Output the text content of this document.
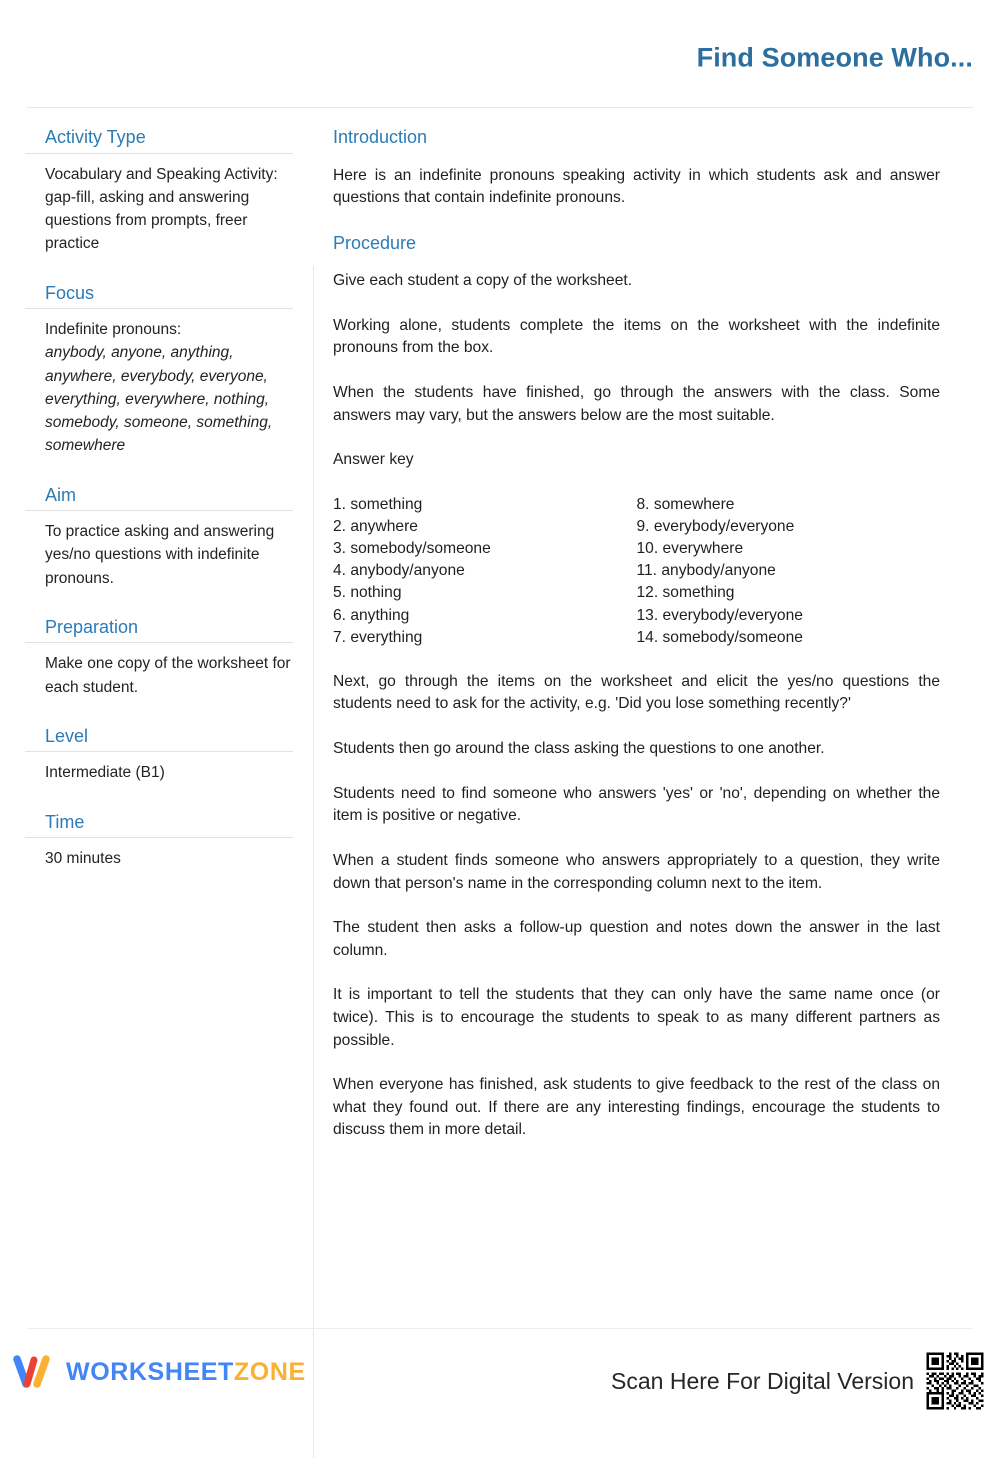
Find Someone Who...
Activity Type
Vocabulary and Speaking Activity: gap-fill, asking and answering questions from prompts, freer practice
Focus
Indefinite pronouns:
anybody, anyone, anything, anywhere, everybody, everyone, everything, everywhere, nothing, somebody, someone, something, somewhere
Aim
To practice asking and answering yes/no questions with indefinite pronouns.
Preparation
Make one copy of the worksheet for each student.
Level
Intermediate (B1)
Time
30 minutes
Introduction

Here is an indefinite pronouns speaking activity in which students ask and answer questions that contain indefinite pronouns.

Procedure

Give each student a copy of the worksheet.

Working alone, students complete the items on the worksheet with the indefinite pronouns from the box.

When the students have finished, go through the answers with the class. Some answers may vary, but the answers below are the most suitable.

Answer key

1. something
2. anywhere
3. somebody/someone
4. anybody/anyone
5. nothing
6. anything
7. everything
8. somewhere
9. everybody/everyone
10. everywhere
11. anybody/anyone
12. something
13. everybody/everyone
14. somebody/someone

Next, go through the items on the worksheet and elicit the yes/no questions the students need to ask for the activity, e.g. 'Did you lose something recently?'

Students then go around the class asking the questions to one another.

Students need to find someone who answers 'yes' or 'no', depending on whether the item is positive or negative.

When a student finds someone who answers appropriately to a question, they write down that person's name in the corresponding column next to the item.

The student then asks a follow-up question and notes down the answer in the last column.

It is important to tell the students that they can only have the same name once (or twice). This is to encourage the students to speak to as many different partners as possible.

When everyone has finished, ask students to give feedback to the rest of the class on what they found out. If there are any interesting findings, encourage the students to discuss them in more detail.

WORKSHEETZONE	Scan Here For Digital Version
